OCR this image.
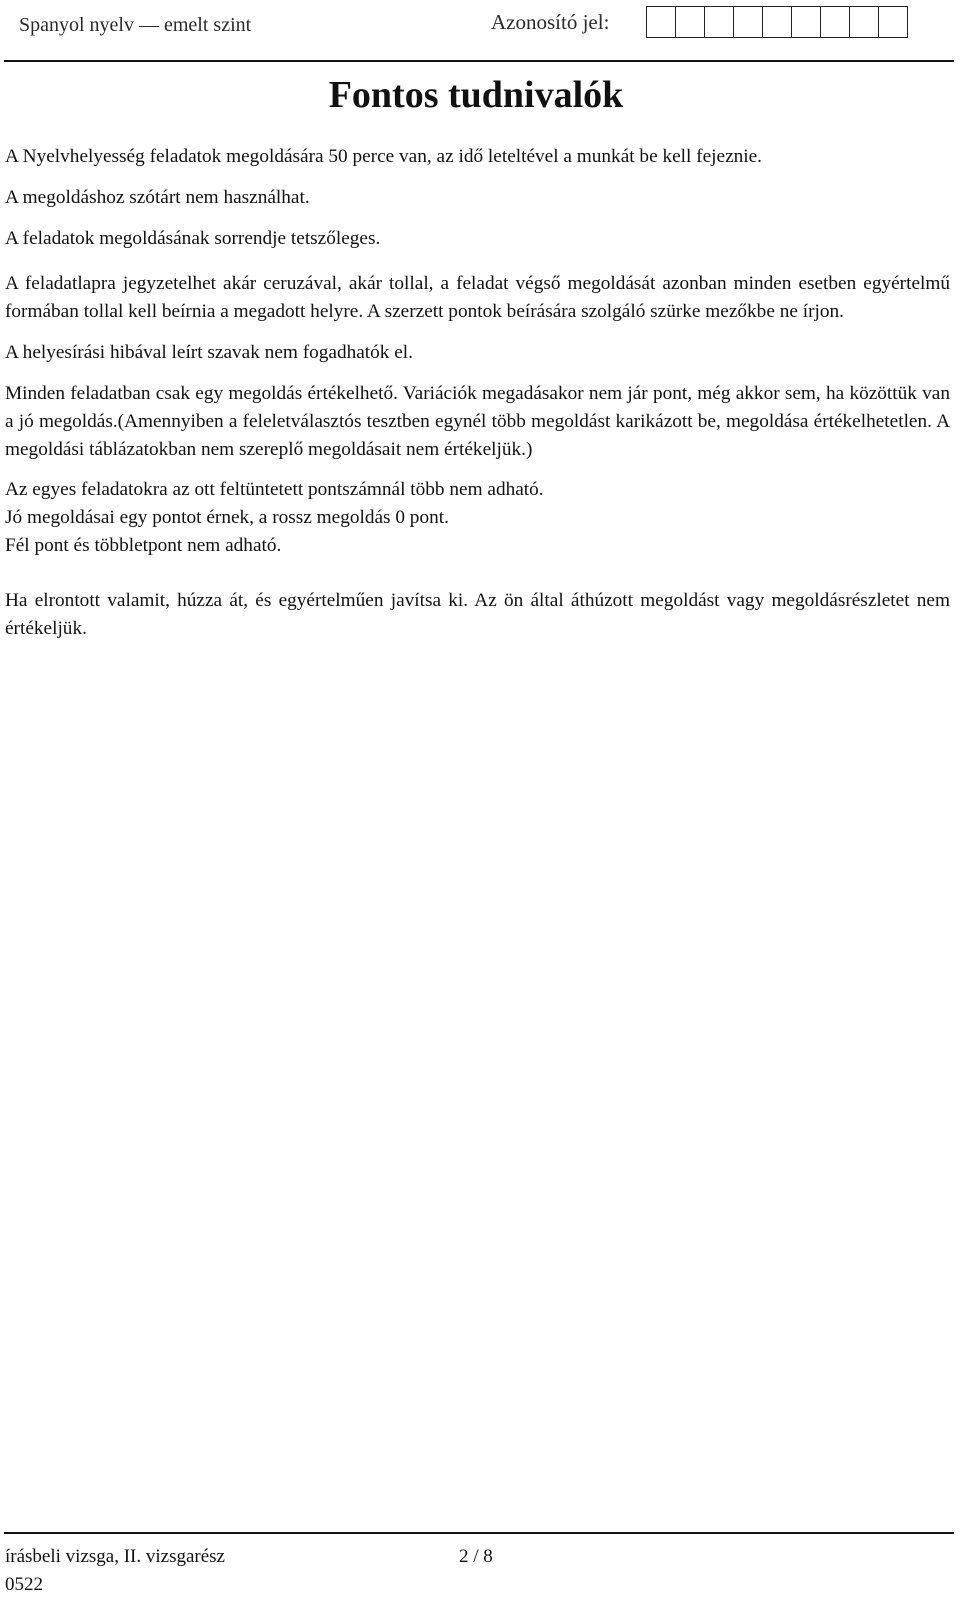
Spanyol nyelv — emelt szint	Azonosító jel:
Fontos tudnivalók

A Nyelvhelyesség feladatok megoldására 50 perce van, az idő leteltével a munkát be kell fejeznie.

A megoldáshoz szótárt nem használhat.

A feladatok megoldásának sorrendje tetszőleges.

A feladatlapra jegyzetelhet akár ceruzával, akár tollal, a feladat végső megoldását azonban minden esetben egyértelmű formában tollal kell beírnia a megadott helyre. A szerzett pontok beírására szolgáló szürke mezőkbe ne írjon.

A helyesírási hibával leírt szavak nem fogadhatók el.

Minden feladatban csak egy megoldás értékelhető. Variációk megadásakor nem jár pont, még akkor sem, ha közöttük van a jó megoldás.(Amennyiben a feleletválasztós tesztben egynél több megoldást karikázott be, megoldása értékelhetetlen. A megoldási táblázatokban nem szereplő megoldásait nem értékeljük.)

Az egyes feladatokra az ott feltüntetett pontszámnál több nem adható.

Jó megoldásai egy pontot érnek, a rossz megoldás 0 pont.

Fél pont és többletpont nem adható.

Ha elrontott valamit, húzza át, és egyértelműen javítsa ki. Az ön által áthúzott megoldást vagy megoldásrészletet nem értékeljük.

írásbeli vizsga, II. vizsgarész	2 / 8
0522
